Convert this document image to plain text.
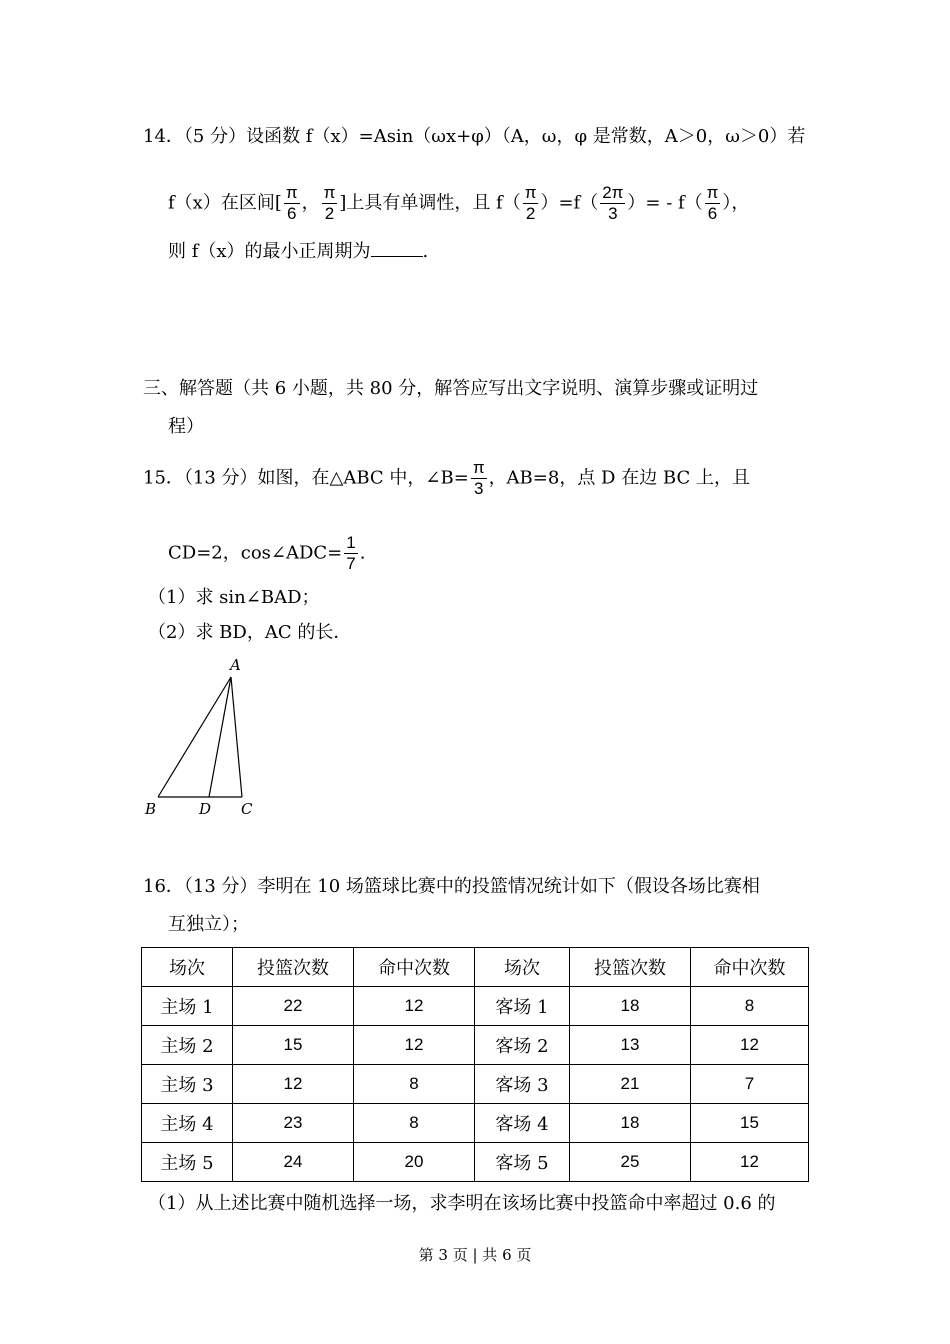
14．（5 分）设函数 f（x）=Asin（ωx+φ）（A，ω，φ 是常数，A＞0，ω＞0）若
f（x）在区间[ $\frac{\pi}{6}$ ， $\frac{\pi}{2}$ ]上具有单调性，且 $f( \frac{\pi}{2} )=f( \frac{2\pi}{3}$ ）= - $f( \frac{\pi}{6}$ ），
则 f（x）的最小正周期为	.
三、解答题（共 6 小题，共 80 分，解答应写出文字说明、演算步骤或证明过
程）
15．（13 分）如图，在△ABC 中，∠B= $\frac{\pi}{3}$ ，AB=8，点 D 在边 BC 上，且
CD=2，cos∠ADC= $\frac{1}{7}$ .
（1）求 sin∠BAD；
（2）求 BD，AC 的长．
A
B	D C
16．（13 分）李明在 10 场篮球比赛中的投篮情况统计如下（假设各场比赛相
互独立）；
场次	投篮次数	命中次数	场次	投篮次数	命中次数
主场 1	22	12	客场 1	18	8
主场 2	15	12	客场 2	13	12
主场 3	12	8	客场 3	21	7
主场 4	23	8	客场 4	18	15
主场 5	24	20	客场 5	25	12
（1）从上述比赛中随机选择一场，求李明在该场比赛中投篮命中率超过 0.6 的
第 3 页 | 共 6 页
